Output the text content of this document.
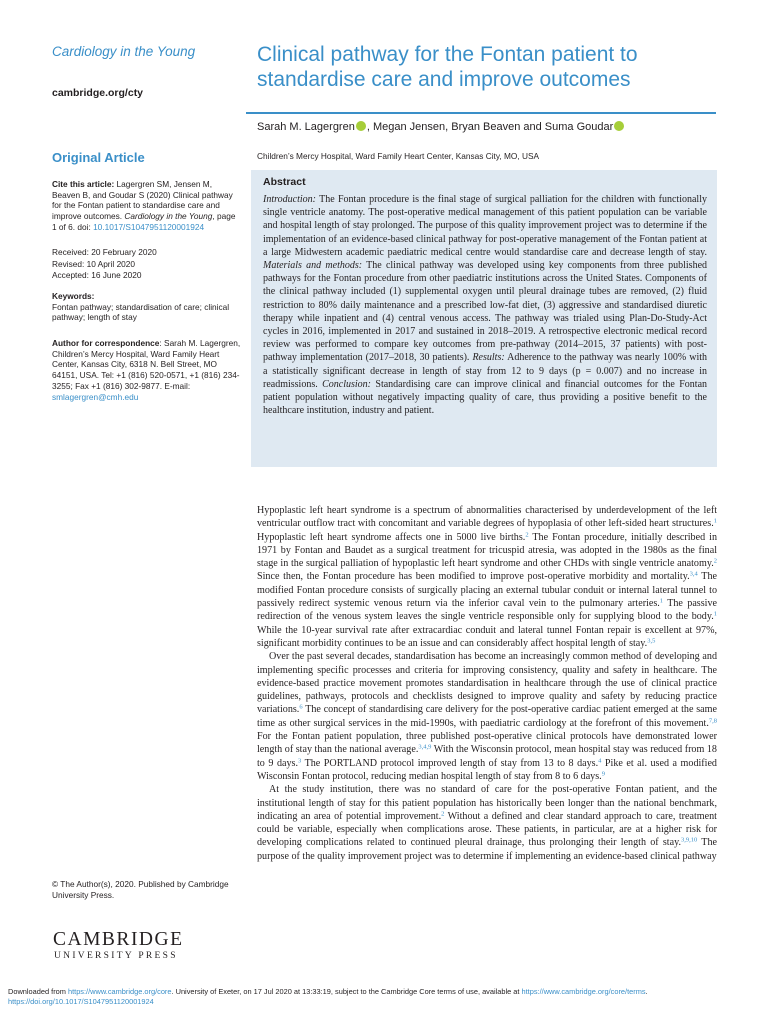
Cardiology in the Young
cambridge.org/cty
Original Article
Cite this article: Lagergren SM, Jensen M, Beaven B, and Goudar S (2020) Clinical pathway for the Fontan patient to standardise care and improve outcomes. Cardiology in the Young, page 1 of 6. doi: 10.1017/S1047951120001924
Received: 20 February 2020
Revised: 10 April 2020
Accepted: 16 June 2020
Keywords:
Fontan pathway; standardisation of care; clinical pathway; length of stay
Author for correspondence: Sarah M. Lagergren, Children’s Mercy Hospital, Ward Family Heart Center, Kansas City, 6318 N. Bell Street, MO 64151, USA. Tel: +1 (816) 520-0571, +1 (816) 234-3255; Fax +1 (816) 302-9877. E-mail: smlagergren@cmh.edu
© The Author(s), 2020. Published by Cambridge University Press.
CAMBRIDGE
UNIVERSITY PRESS
Clinical pathway for the Fontan patient to standardise care and improve outcomes
Sarah M. Lagergren , Megan Jensen, Bryan Beaven and Suma Goudar
Children’s Mercy Hospital, Ward Family Heart Center, Kansas City, MO, USA
Abstract
Introduction: The Fontan procedure is the final stage of surgical palliation for the children with functionally single ventricle anatomy. The post-operative medical management of this patient population can be variable and hospital length of stay prolonged. The purpose of this quality improvement project was to determine if the implementation of an evidence-based clinical pathway for post-operative management of the Fontan patient at a large Midwestern academic paediatric medical centre would standardise care and decrease length of stay. Materials and methods: The clinical pathway was developed using key components from three published pathways for the Fontan procedure from other paediatric institutions across the United States. Components of the clinical pathway included (1) supplemental oxygen until pleural drainage tubes are removed, (2) fluid restriction to 80% daily maintenance and a prescribed low-fat diet, (3) aggressive and standardised diuretic therapy while inpatient and (4) central venous access. The pathway was trialed using Plan-Do-Study-Act cycles in 2016, implemented in 2017 and sustained in 2018–2019. A retrospective electronic medical record review was performed to compare key outcomes from pre-pathway (2014–2015, 37 patients) with post-pathway implementation (2017–2018, 30 patients). Results: Adherence to the pathway was nearly 100% with a statistically significant decrease in length of stay from 12 to 9 days (p = 0.007) and no increase in readmissions. Conclusion: Standardising care can improve clinical and financial outcomes for the Fontan patient population without negatively impacting quality of care, thus providing a positive benefit to the healthcare institution, industry and patient.

Hypoplastic left heart syndrome is a spectrum of abnormalities characterised by underdevelopment of the left ventricular outflow tract with concomitant and variable degrees of hypoplasia of other left-sided heart structures.$^1$ Hypoplastic left heart syndrome affects one in 5000 live births.$^2$ The Fontan procedure, initially described in 1971 by Fontan and Baudet as a surgical treatment for tricuspid atresia, was adopted in the 1980s as the final stage in the surgical palliation of hypoplastic left heart syndrome and other CHDs with single ventricle anatomy.$^2$ Since then, the Fontan procedure has been modified to improve post-operative morbidity and mortality.$^{3,4}$ The modified Fontan procedure consists of surgically placing an external tubular conduit or internal lateral tunnel to passively redirect systemic venous return via the inferior caval vein to the pulmonary arteries.$^1$ The passive redirection of the venous system leaves the single ventricle responsible only for supplying blood to the body.$^1$ While the 10-year survival rate after extracardiac conduit and lateral tunnel Fontan repair is excellent at 97%, significant morbidity continues to be an issue and can considerably affect hospital length of stay.$^{3,5}$

Over the past several decades, standardisation has become an increasingly common method of developing and implementing specific processes and criteria for improving consistency, quality and safety in healthcare. The evidence-based practice movement promotes standardisation in healthcare through the use of clinical practice guidelines, pathways, protocols and checklists designed to improve quality and safety by reducing practice variations.$^6$ The concept of standardising care delivery for the post-operative cardiac patient emerged at the same time as other surgical services in the mid-1990s, with paediatric cardiology at the forefront of this movement.$^{7,8}$ For the Fontan patient population, three published post-operative clinical protocols have demonstrated lower length of stay than the national average.$^{3,4,9}$ With the Wisconsin protocol, mean hospital stay was reduced from 18 to 9 days.$^3$ The PORTLAND protocol improved length of stay from 13 to 8 days.$^4$ Pike et al. used a modified Wisconsin Fontan protocol, reducing median hospital length of stay from 8 to 6 days.$^9$

At the study institution, there was no standard of care for the post-operative Fontan patient, and the institutional length of stay for this patient population has historically been longer than the national benchmark, indicating an area of potential improvement.$^2$ Without a defined and clear standard approach to care, treatment could be variable, especially when complications arose. These patients, in particular, are at a higher risk for developing complications related to continued pleural drainage, thus prolonging their length of stay.$^{3,9,10}$ The purpose of the quality improvement project was to determine if implementing an evidence-based clinical pathway

Downloaded from https://www.cambridge.org/core. University of Exeter, on 17 Jul 2020 at 13:33:19, subject to the Cambridge Core terms of use, available at https://www.cambridge.org/core/terms.
https://doi.org/10.1017/S1047951120001924
